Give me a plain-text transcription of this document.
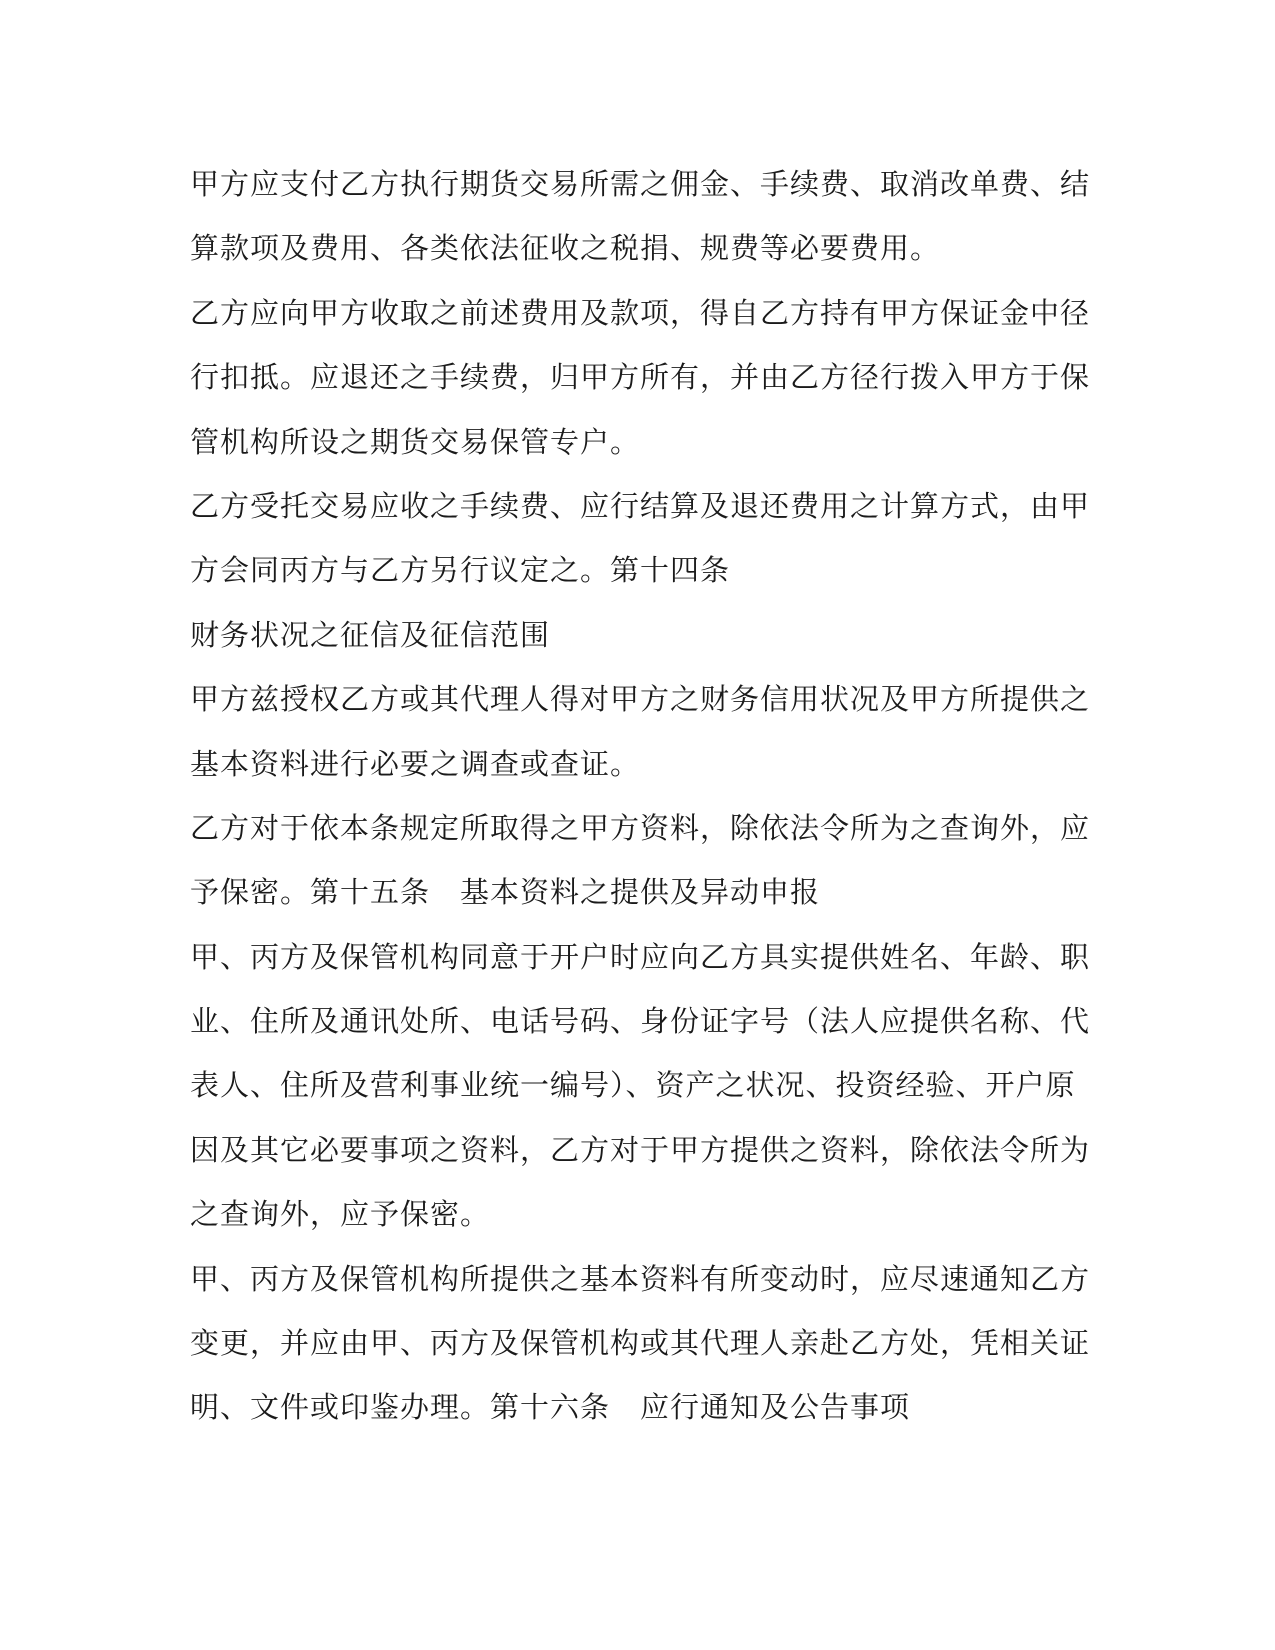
甲方应支付乙方执行期货交易所需之佣金、手续费、取消改单费、结
算款项及费用、各类依法征收之税捐、规费等必要费用。
乙方应向甲方收取之前述费用及款项，得自乙方持有甲方保证金中径
行扣抵。应退还之手续费，归甲方所有，并由乙方径行拨入甲方于保
管机构所设之期货交易保管专户。
乙方受托交易应收之手续费、应行结算及退还费用之计算方式，由甲
方会同丙方与乙方另行议定之。第十四条
财务状况之征信及征信范围
甲方兹授权乙方或其代理人得对甲方之财务信用状况及甲方所提供之
基本资料进行必要之调查或查证。
乙方对于依本条规定所取得之甲方资料，除依法令所为之查询外，应
予保密。第十五条　基本资料之提供及异动申报
甲、丙方及保管机构同意于开户时应向乙方具实提供姓名、年龄、职
业、住所及通讯处所、电话号码、身份证字号（法人应提供名称、代
表人、住所及营利事业统一编号）、资产之状况、投资经验、开户原
因及其它必要事项之资料，乙方对于甲方提供之资料，除依法令所为
之查询外，应予保密。
甲、丙方及保管机构所提供之基本资料有所变动时，应尽速通知乙方
变更，并应由甲、丙方及保管机构或其代理人亲赴乙方处，凭相关证
明、文件或印鉴办理。第十六条　应行通知及公告事项
